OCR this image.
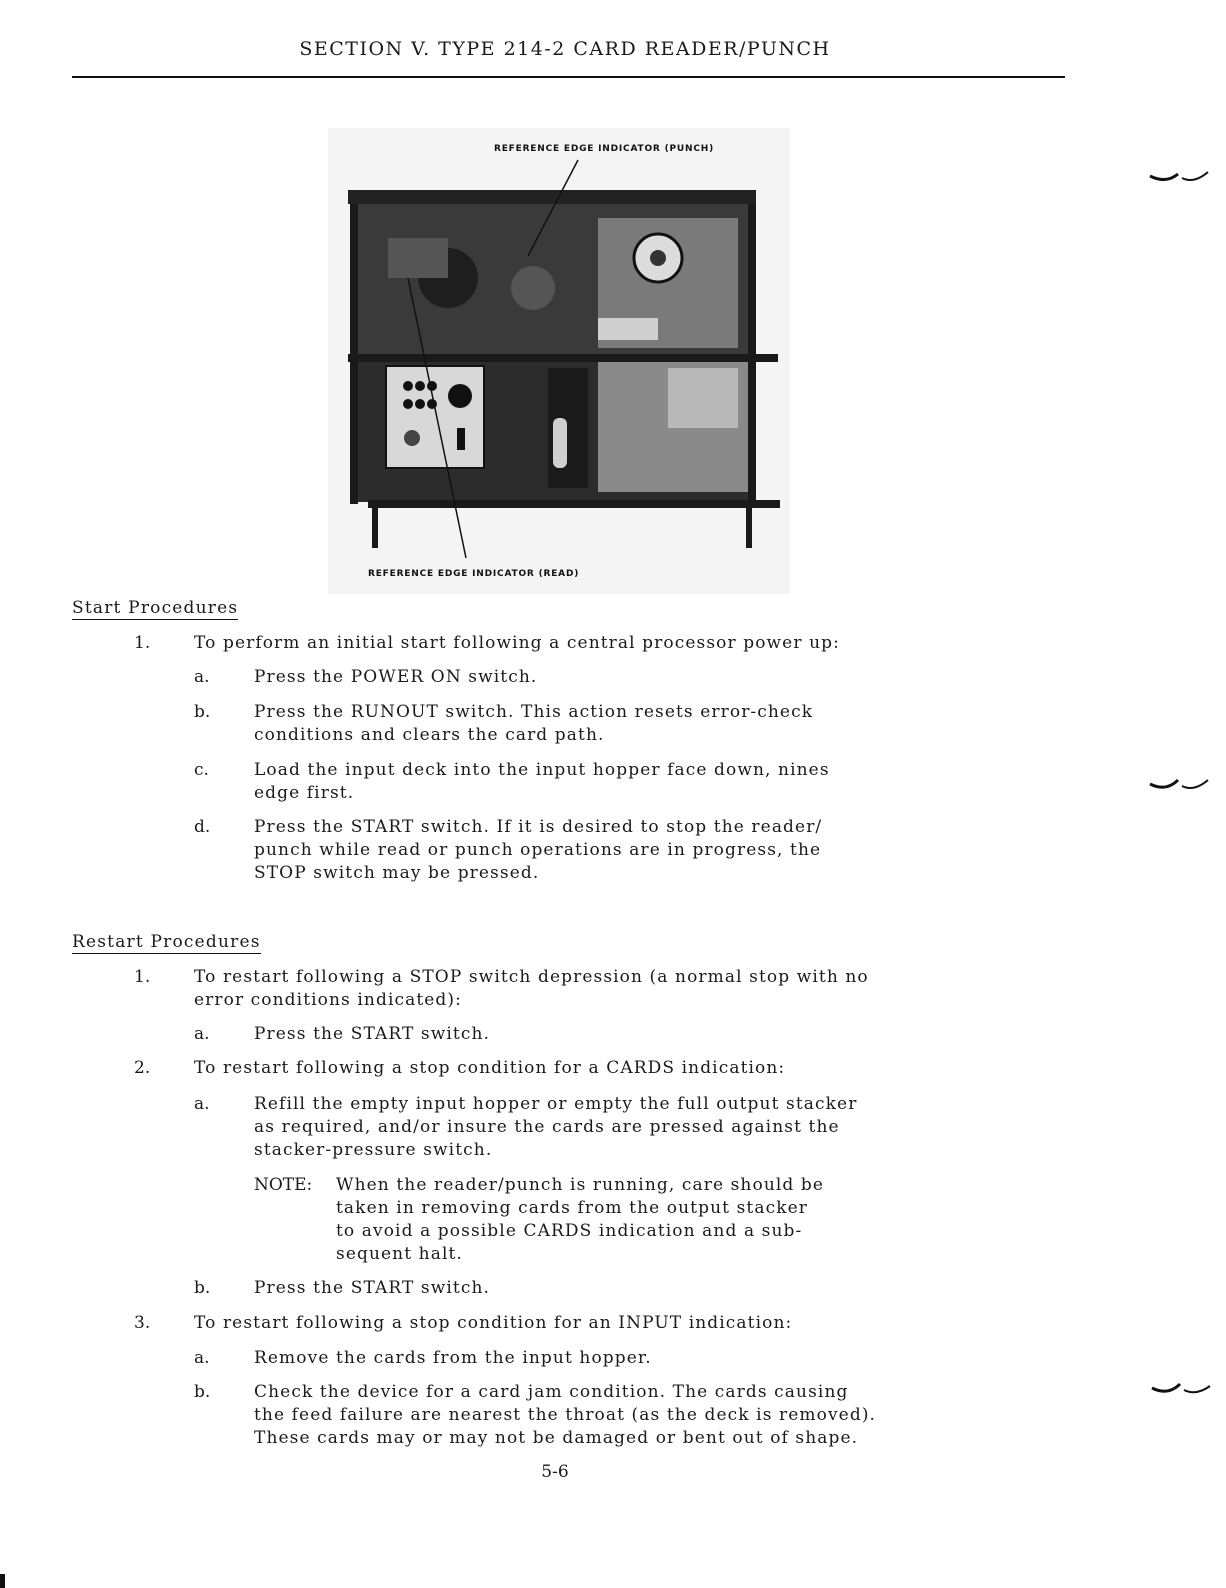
SECTION V. TYPE 214-2 CARD READER/PUNCH
REFERENCE EDGE INDICATOR (PUNCH)
REFERENCE EDGE INDICATOR (READ)
Start Procedures
1.	To perform an initial start following a central processor power up:
a.	Press the POWER ON switch.
b.	Press the RUNOUT switch. This action resets error-check
conditions and clears the card path.
c.	Load the input deck into the input hopper face down, nines
edge first.
d.	Press the START switch. If it is desired to stop the reader/
punch while read or punch operations are in progress, the
STOP switch may be pressed.
Restart Procedures
1.	To restart following a STOP switch depression (a normal stop with no
error conditions indicated):
a.	Press the START switch.
2.	To restart following a stop condition for a CARDS indication:
a.	Refill the empty input hopper or empty the full output stacker
as required, and/or insure the cards are pressed against the
stacker-pressure switch.
NOTE: When the reader/punch is running, care should be
taken in removing cards from the output stacker
to avoid a possible CARDS indication and a sub-
sequent halt.
b.	Press the START switch.
3.	To restart following a stop condition for an INPUT indication:
a.	Remove the cards from the input hopper.
b.	Check the device for a card jam condition. The cards causing
the feed failure are nearest the throat (as the deck is removed).
These cards may or may not be damaged or bent out of shape.
5-6
